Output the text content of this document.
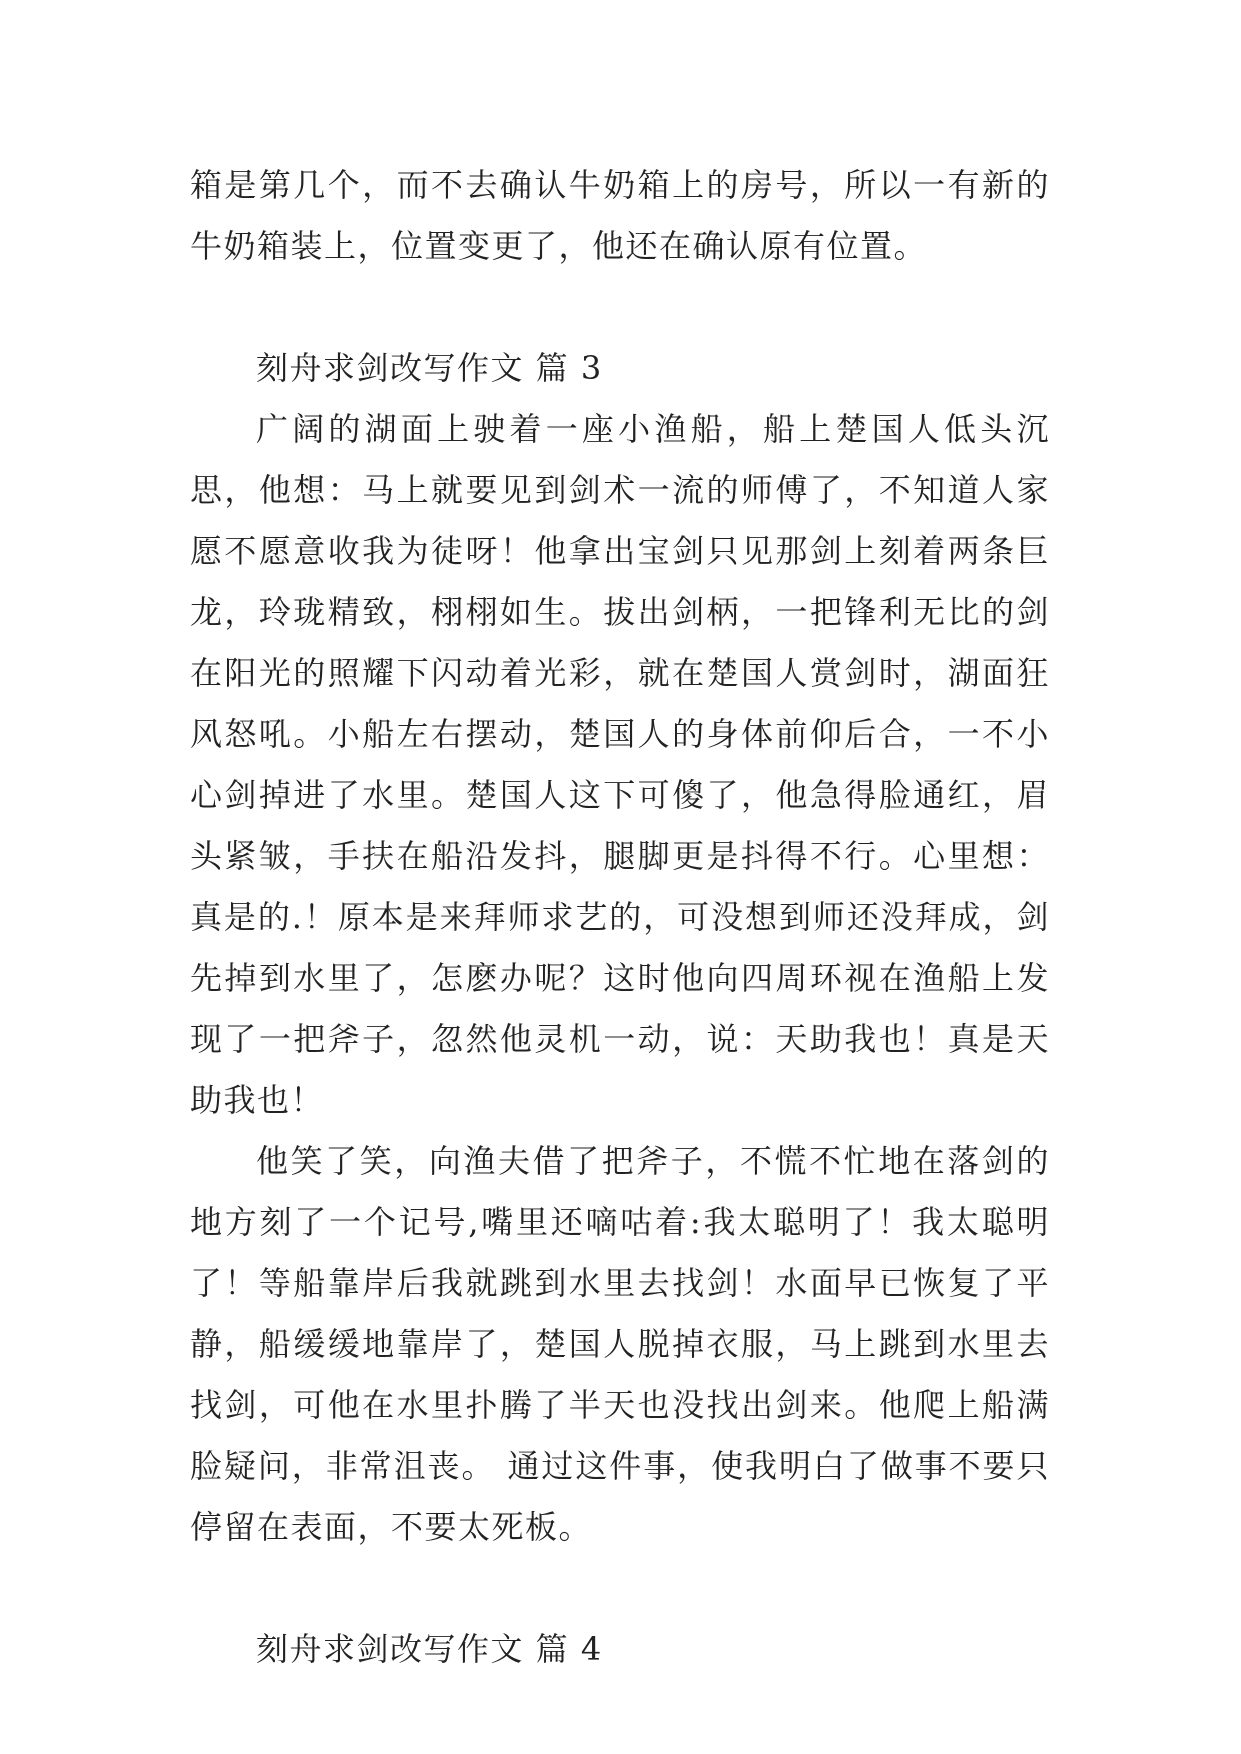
箱是第几个，而不去确认牛奶箱上的房号，所以一有新的牛奶箱装上，位置变更了，他还在确认原有位置。

刻舟求剑改写作文 篇 3

广阔的湖面上驶着一座小渔船，船上楚国人低头沉思，他想：马上就要见到剑术一流的师傅了，不知道人家愿不愿意收我为徒呀！他拿出宝剑只见那剑上刻着两条巨龙，玲珑精致，栩栩如生。拔出剑柄，一把锋利无比的剑在阳光的照耀下闪动着光彩，就在楚国人赏剑时，湖面狂风怒吼。小船左右摆动，楚国人的身体前仰后合，一不小心剑掉进了水里。楚国人这下可傻了，他急得脸通红，眉头紧皱，手扶在船沿发抖，腿脚更是抖得不行。心里想：真是的.！原本是来拜师求艺的，可没想到师还没拜成，剑先掉到水里了，怎麽办呢？这时他向四周环视在渔船上发现了一把斧子，忽然他灵机一动，说：天助我也！真是天助我也！

他笑了笑，向渔夫借了把斧子，不慌不忙地在落剑的地方刻了一个记号,嘴里还嘀咕着:我太聪明了！我太聪明了！等船靠岸后我就跳到水里去找剑！水面早已恢复了平静，船缓缓地靠岸了，楚国人脱掉衣服，马上跳到水里去找剑，可他在水里扑腾了半天也没找出剑来。他爬上船满脸疑问，非常沮丧。 通过这件事，使我明白了做事不要只停留在表面，不要太死板。

刻舟求剑改写作文 篇 4
